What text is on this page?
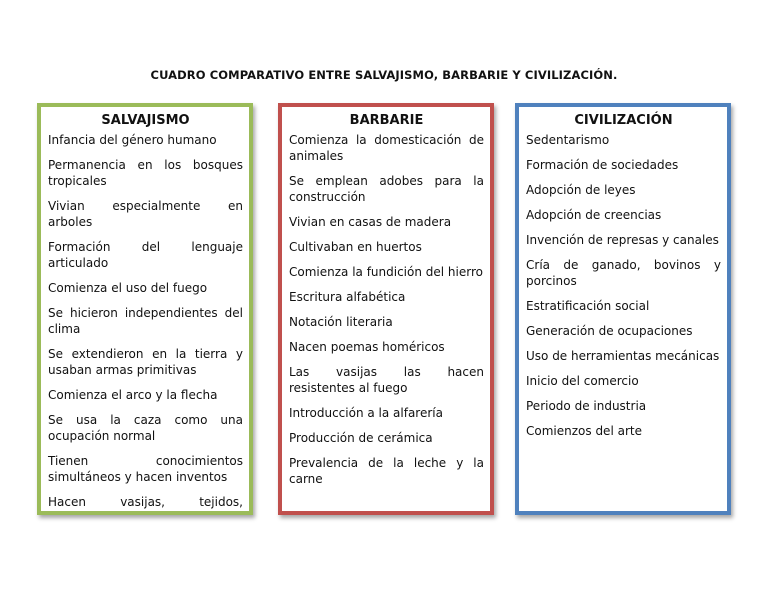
CUADRO COMPARATIVO ENTRE SALVAJISMO, BARBARIE Y CIVILIZACIÓN.
SALVAJISMO
Infancia del género humano
Permanencia en los bosques tropicales
Vivian especialmente en arboles
Formación del lenguaje articulado
Comienza el uso del fuego
Se hicieron independientes del clima
Se extendieron en la tierra y usaban armas primitivas
Comienza el arco y la flecha
Se usa la caza como una ocupación normal
Tienen conocimientos simultáneos y hacen inventos
Hacen vasijas, tejidos,
BARBARIE
Comienza la domesticación de animales
Se emplean adobes para la construcción
Vivian en casas de madera
Cultivaban en huertos
Comienza la fundición del hierro
Escritura alfabética
Notación literaria
Nacen poemas homéricos
Las vasijas las hacen resistentes al fuego
Introducción a la alfarería
Producción de cerámica
Prevalencia de la leche y la carne
CIVILIZACIÓN
Sedentarismo
Formación de sociedades
Adopción de leyes
Adopción de creencias
Invención de represas y canales
Cría de ganado, bovinos y porcinos
Estratificación social
Generación de ocupaciones
Uso de herramientas mecánicas
Inicio del comercio
Periodo de industria
Comienzos del arte
